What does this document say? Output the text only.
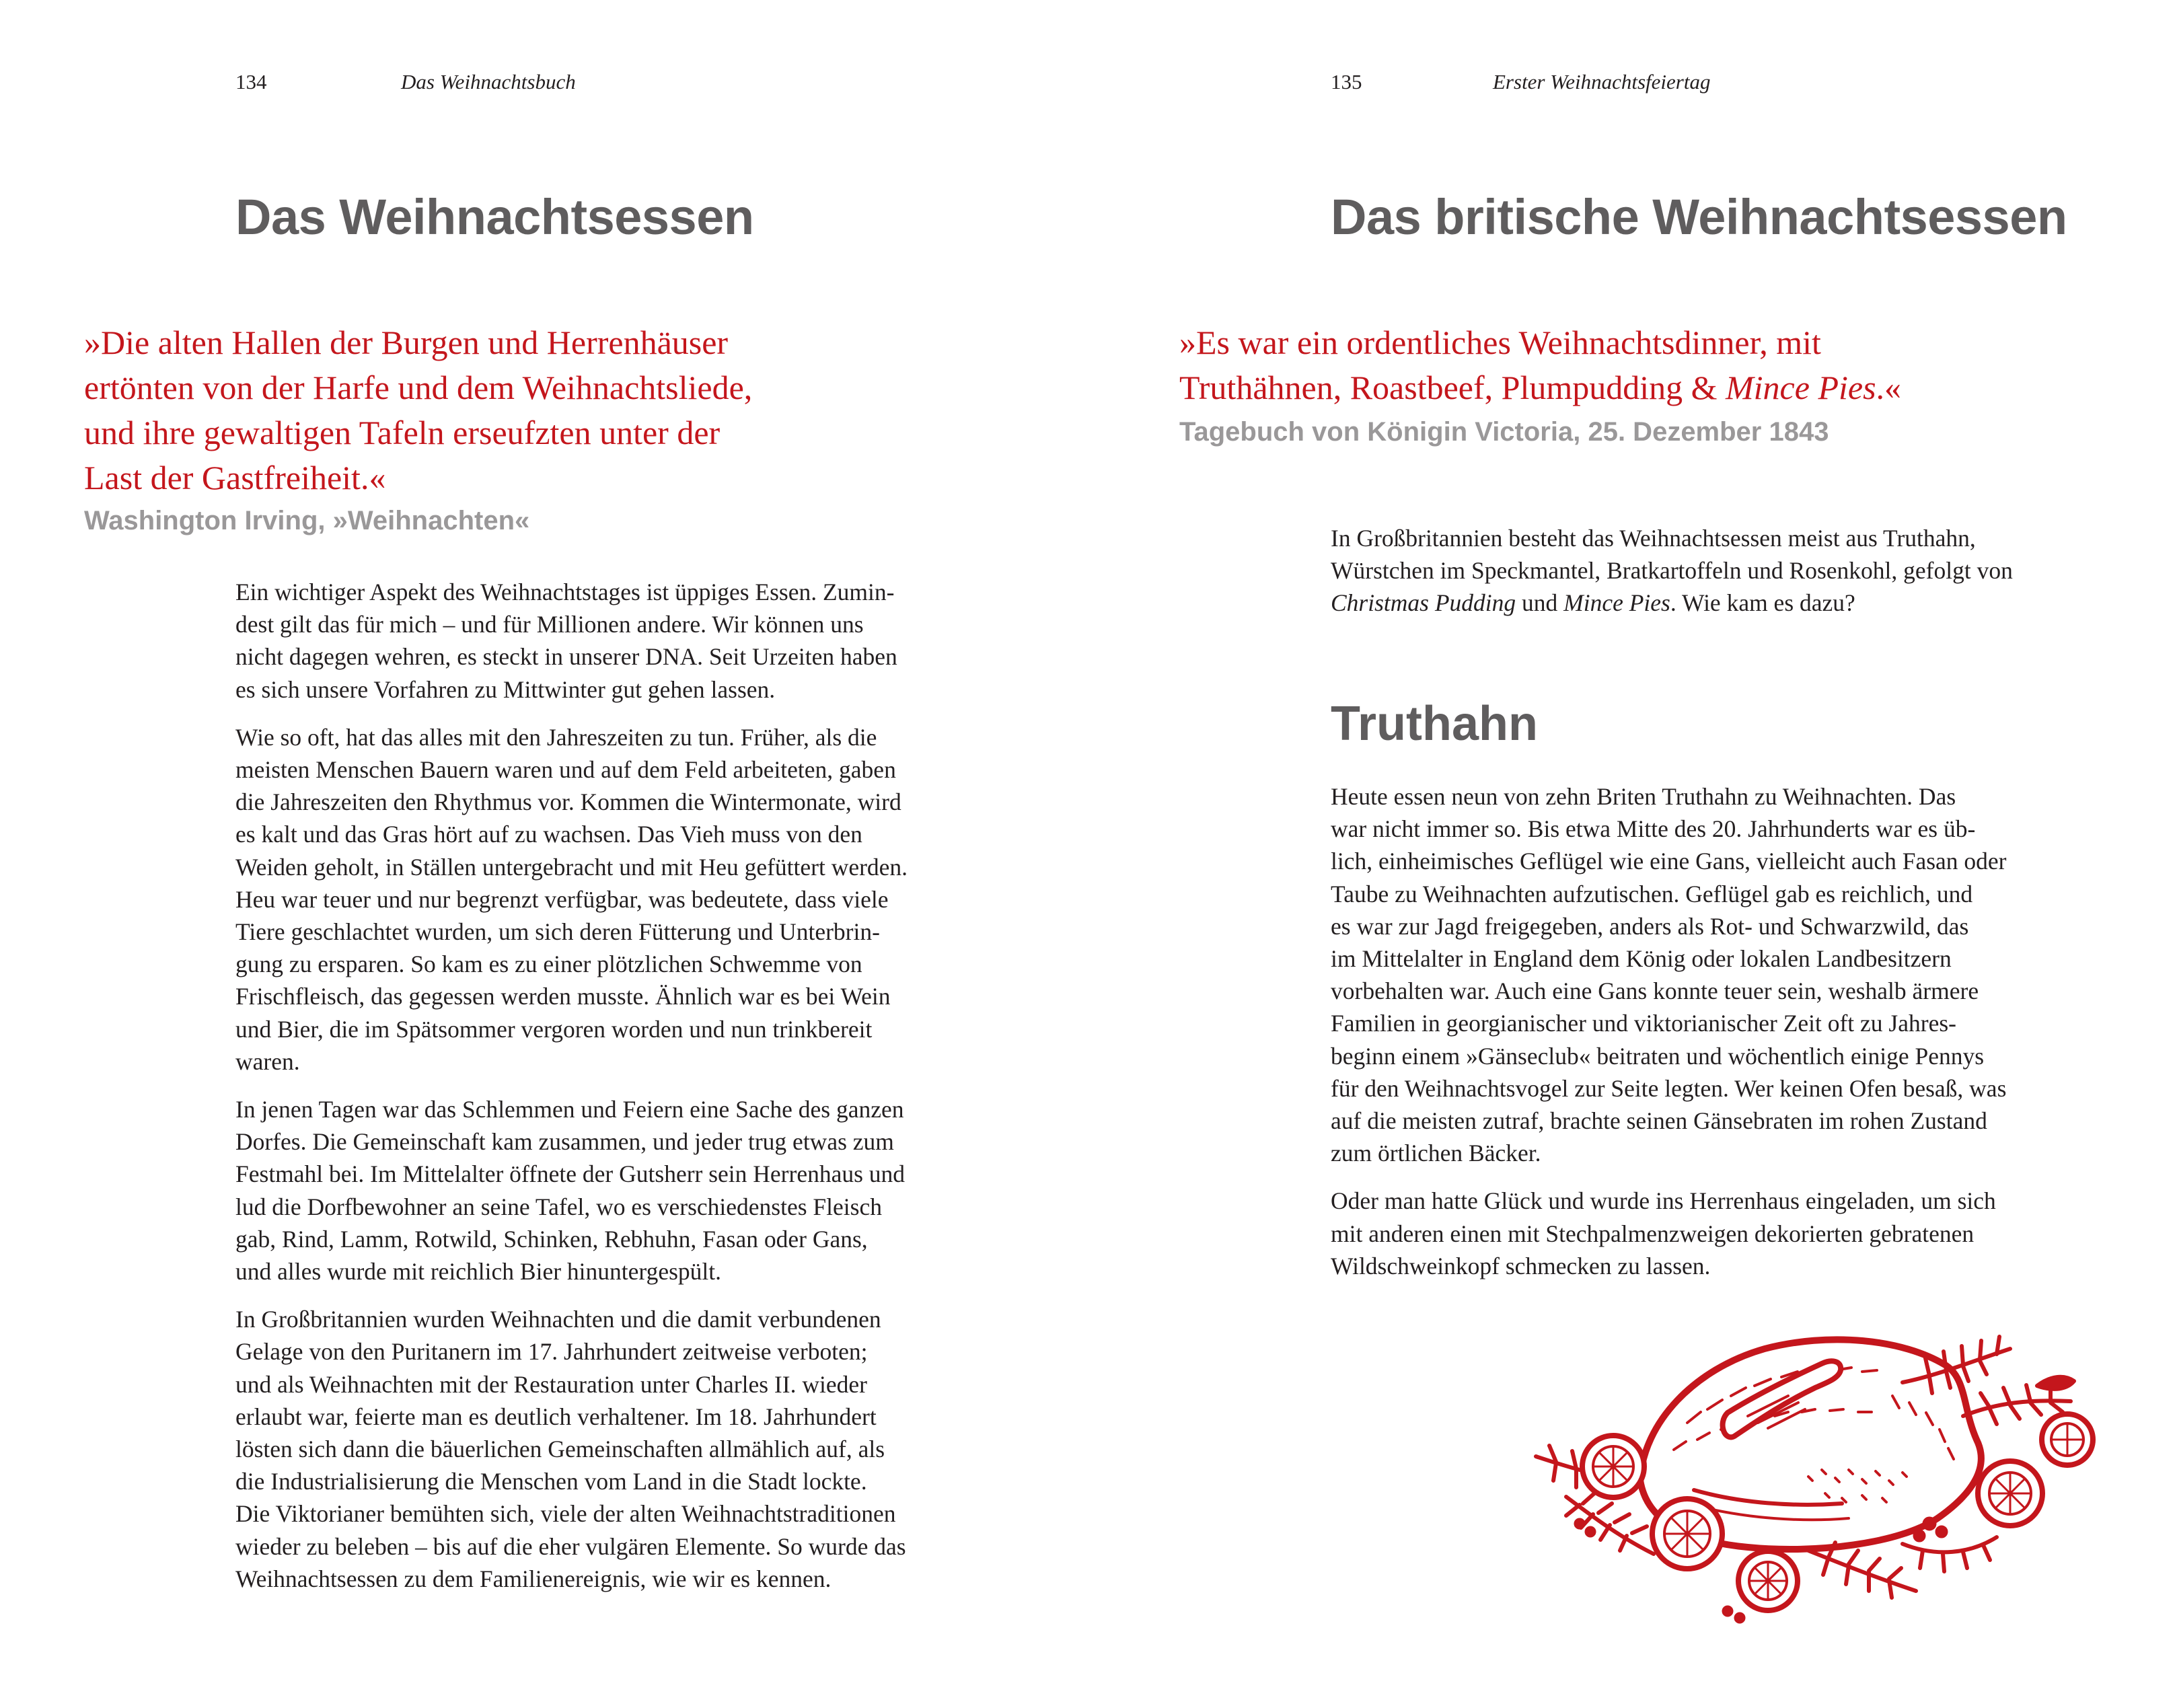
134	Das Weihnachtsbuch
Das Weihnachtsessen
»Die alten Hallen der Burgen und Herrenhäuser
ertönten von der Harfe und dem Weihnachtsliede,
und ihre gewaltigen Tafeln erseufzten unter der
Last der Gastfreiheit.«

Washington Irving, »Weihnachten«

Ein wichtiger Aspekt des Weihnachtstages ist üppiges Essen. Zumin-
dest gilt das für mich – und für Millionen andere. Wir können uns
nicht dagegen wehren, es steckt in unserer DNA. Seit Urzeiten haben
es sich unsere Vorfahren zu Mittwinter gut gehen lassen.

Wie so oft, hat das alles mit den Jahreszeiten zu tun. Früher, als die
meisten Menschen Bauern waren und auf dem Feld arbeiteten, gaben
die Jahreszeiten den Rhythmus vor. Kommen die Wintermonate, wird
es kalt und das Gras hört auf zu wachsen. Das Vieh muss von den
Weiden geholt, in Ställen untergebracht und mit Heu gefüttert werden.
Heu war teuer und nur begrenzt verfügbar, was bedeutete, dass viele
Tiere geschlachtet wurden, um sich deren Fütterung und Unterbrin-
gung zu ersparen. So kam es zu einer plötzlichen Schwemme von
Frischfleisch, das gegessen werden musste. Ähnlich war es bei Wein
und Bier, die im Spätsommer vergoren worden und nun trinkbereit
waren.

In jenen Tagen war das Schlemmen und Feiern eine Sache des ganzen
Dorfes. Die Gemeinschaft kam zusammen, und jeder trug etwas zum
Festmahl bei. Im Mittelalter öffnete der Gutsherr sein Herrenhaus und
lud die Dorfbewohner an seine Tafel, wo es verschiedenstes Fleisch
gab, Rind, Lamm, Rotwild, Schinken, Rebhuhn, Fasan oder Gans,
und alles wurde mit reichlich Bier hinuntergespült.

In Großbritannien wurden Weihnachten und die damit verbundenen
Gelage von den Puritanern im 17. Jahrhundert zeitweise verboten;
und als Weihnachten mit der Restauration unter Charles II. wieder
erlaubt war, feierte man es deutlich verhaltener. Im 18. Jahrhundert
lösten sich dann die bäuerlichen Gemeinschaften allmählich auf, als
die Industrialisierung die Menschen vom Land in die Stadt lockte.
Die Viktorianer bemühten sich, viele der alten Weihnachtstraditionen
wieder zu beleben – bis auf die eher vulgären Elemente. So wurde das
Weihnachtsessen zu dem Familienereignis, wie wir es kennen.

135	Erster Weihnachtsfeiertag
Das britische Weihnachtsessen
»Es war ein ordentliches Weihnachtsdinner, mit
Truthähnen, Roastbeef, Plumpudding & Mince Pies.«

Tagebuch von Königin Victoria, 25. Dezember 1843

In Großbritannien besteht das Weihnachtsessen meist aus Truthahn,
Würstchen im Speckmantel, Bratkartoffeln und Rosenkohl, gefolgt von
Christmas Pudding und Mince Pies. Wie kam es dazu?

Truthahn

Heute essen neun von zehn Briten Truthahn zu Weihnachten. Das
war nicht immer so. Bis etwa Mitte des 20. Jahrhunderts war es üb-
lich, einheimisches Geflügel wie eine Gans, vielleicht auch Fasan oder
Taube zu Weihnachten aufzutischen. Geflügel gab es reichlich, und
es war zur Jagd freigegeben, anders als Rot- und Schwarzwild, das
im Mittelalter in England dem König oder lokalen Landbesitzern
vorbehalten war. Auch eine Gans konnte teuer sein, weshalb ärmere
Familien in georgianischer und viktorianischer Zeit oft zu Jahres-
beginn einem »Gänseclub« beitraten und wöchentlich einige Pennys
für den Weihnachtsvogel zur Seite legten. Wer keinen Ofen besaß, was
auf die meisten zutraf, brachte seinen Gänsebraten im rohen Zustand
zum örtlichen Bäcker.

Oder man hatte Glück und wurde ins Herrenhaus eingeladen, um sich
mit anderen einen mit Stechpalmenzweigen dekorierten gebratenen
Wildschweinkopf schmecken zu lassen.
